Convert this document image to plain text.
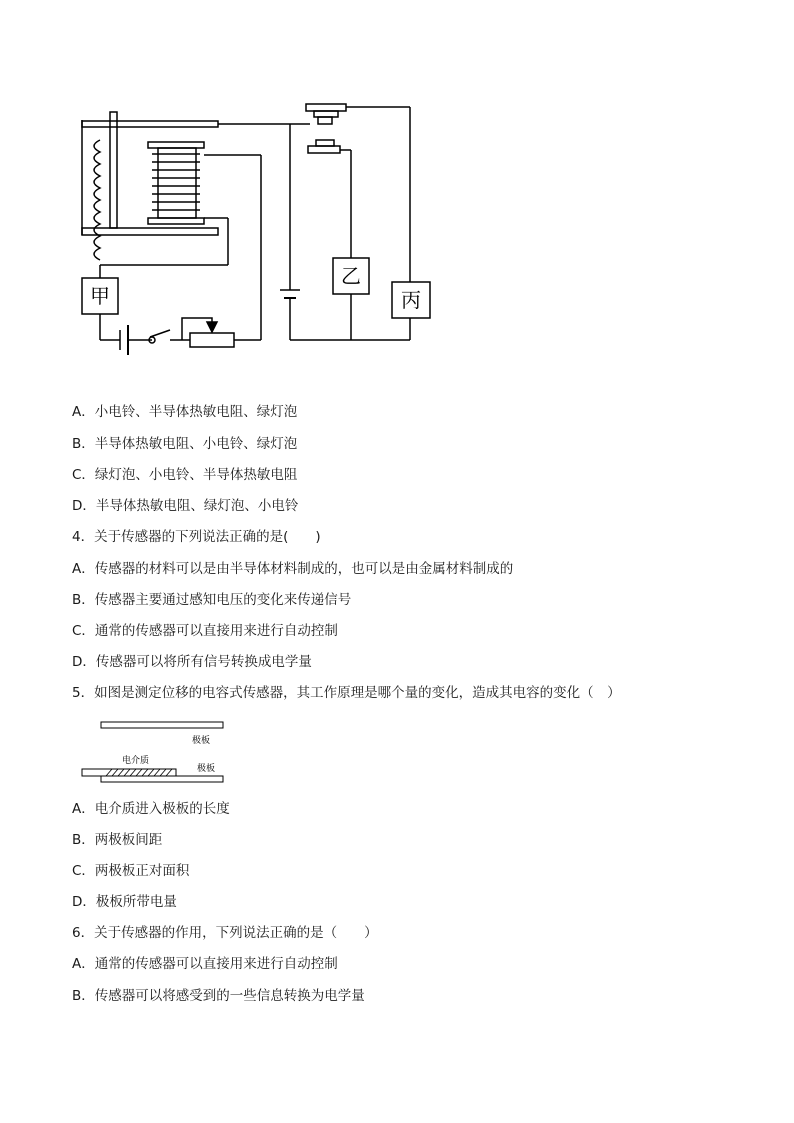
甲
乙
丙
A．小电铃、半导体热敏电阻、绿灯泡
B．半导体热敏电阻、小电铃、绿灯泡
C．绿灯泡、小电铃、半导体热敏电阻
D．半导体热敏电阻、绿灯泡、小电铃
4．关于传感器的下列说法正确的是(　　)
A．传感器的材料可以是由半导体材料制成的，也可以是由金属材料制成的
B．传感器主要通过感知电压的变化来传递信号
C．通常的传感器可以直接用来进行自动控制
D．传感器可以将所有信号转换成电学量
5．如图是测定位移的电容式传感器，其工作原理是哪个量的变化，造成其电容的变化（　）
极板
电介质
极板
A．电介质进入极板的长度
B．两极板间距
C．两极板正对面积
D．极板所带电量
6．关于传感器的作用，下列说法正确的是（　　）
A．通常的传感器可以直接用来进行自动控制
B．传感器可以将感受到的一些信息转换为电学量
